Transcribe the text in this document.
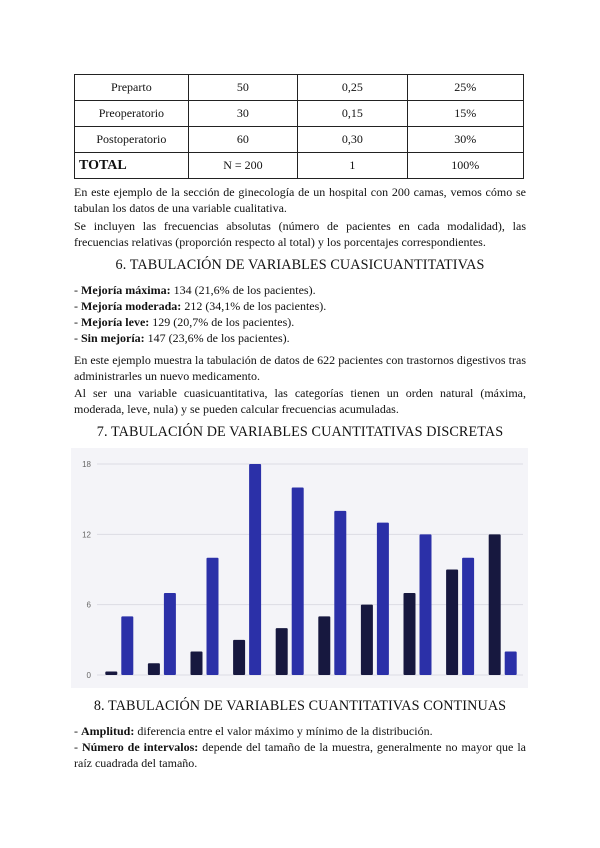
Preparto	50	0,25	25%
Preoperatorio	30	0,15	15%
Postoperatorio	60	0,30	30%
TOTAL	N = 200	1	100%

En este ejemplo de la sección de ginecología de un hospital con 200 camas, vemos cómo se tabulan los datos de una variable cualitativa.

Se incluyen las frecuencias absolutas (número de pacientes en cada modalidad), las frecuencias relativas (proporción respecto al total) y los porcentajes correspondientes.

6. TABULACIÓN DE VARIABLES CUASICUANTITATIVAS

- Mejoría máxima: 134 (21,6% de los pacientes).

- Mejoría moderada: 212 (34,1% de los pacientes).

- Mejoría leve: 129 (20,7% de los pacientes).

- Sin mejoría: 147 (23,6% de los pacientes).

En este ejemplo muestra la tabulación de datos de 622 pacientes con trastornos digestivos tras administrarles un nuevo medicamento.

Al ser una variable cuasicuantitativa, las categorías tienen un orden natural (máxima, moderada, leve, nula) y se pueden calcular frecuencias acumuladas.

7. TABULACIÓN DE VARIABLES CUANTITATIVAS DISCRETAS
0
6
12
18
8. TABULACIÓN DE VARIABLES CUANTITATIVAS CONTINUAS

- Amplitud: diferencia entre el valor máximo y mínimo de la distribución.

- Número de intervalos: depende del tamaño de la muestra, generalmente no mayor que la raíz cuadrada del tamaño.
